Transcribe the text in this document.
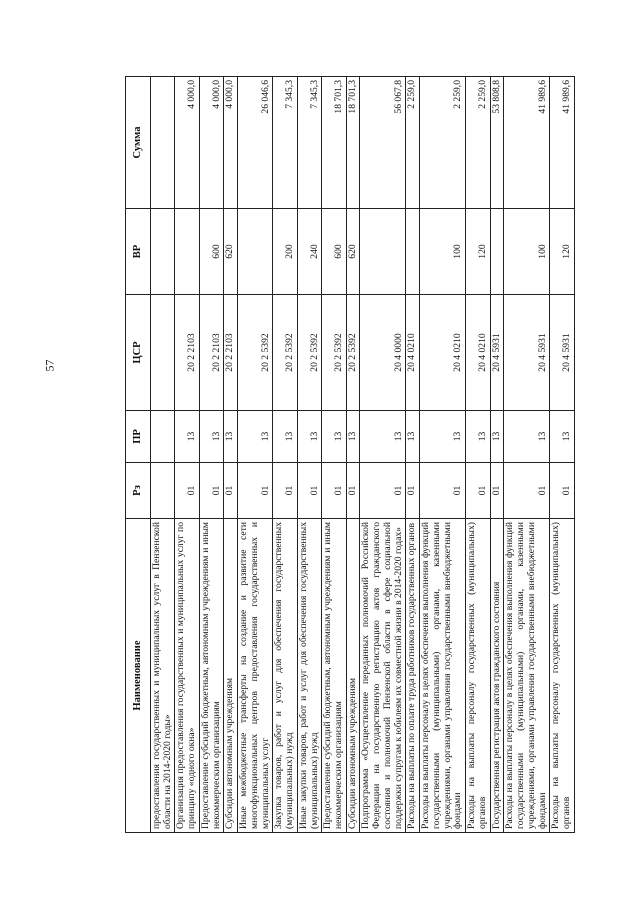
57
Наименование	Рз	ПР	ЦСР	ВР	Сумма
предоставления государственных и муниципальных услуг в Пензенской области на 2014-2020 годы»					
Организация предоставления государственных и муниципальных услуг по принципу «одного окна»	01	13	20 2 2103		4 000,0
Предоставление субсидий бюджетным, автономным учреждениям и иным некоммерческим организациям	01	13	20 2 2103	600	4 000,0
Субсидии автономным учреждениям	01	13	20 2 2103	620	4 000,0
Иные межбюджетные трансферты на создание и развитие сети многофункциональных центров предоставления государственных и муниципальных услуг	01	13	20 2 5392		26 046,6
Закупка товаров, работ и услуг для обеспечения государственных (муниципальных) нужд	01	13	20 2 5392	200	7 345,3
Иные закупки товаров, работ и услуг для обеспечения государственных (муниципальных) нужд	01	13	20 2 5392	240	7 345,3
Предоставление субсидий бюджетным, автономным учреждениям и иным некоммерческим организациям	01	13	20 2 5392	600	18 701,3
Субсидии автономным учреждениям	01	13	20 2 5392	620	18 701,3
Подпрограмма «Осуществление переданных полномочий Российской Федерации на государственную регистрацию актов гражданского состояния и полномочий Пензенской области в сфере социальной поддержки супругам к юбилеям их совместной жизни в 2014-2020 годах»	01	13	20 4 0000		56 067,8
Расходы на выплаты по оплате труда работников государственных органов	01	13	20 4 0210		2 259,0
Расходы на выплаты персоналу в целях обеспечения выполнения функций государственными (муниципальными) органами, казенными учреждениями, органами управления государственными внебюджетными фондами	01	13	20 4 0210	100	2 259,0
Расходы на выплаты персоналу государственных (муниципальных) органов	01	13	20 4 0210	120	2 259,0
Государственная регистрация актов гражданского состояния	01	13	20 4 5931		53 808,8
Расходы на выплаты персоналу в целях обеспечения выполнения функций государственными (муниципальными) органами, казенными учреждениями, органами управления государственными внебюджетными фондами	01	13	20 4 5931	100	41 989,6
Расходы на выплаты персоналу государственных (муниципальных) органов	01	13	20 4 5931	120	41 989,6
